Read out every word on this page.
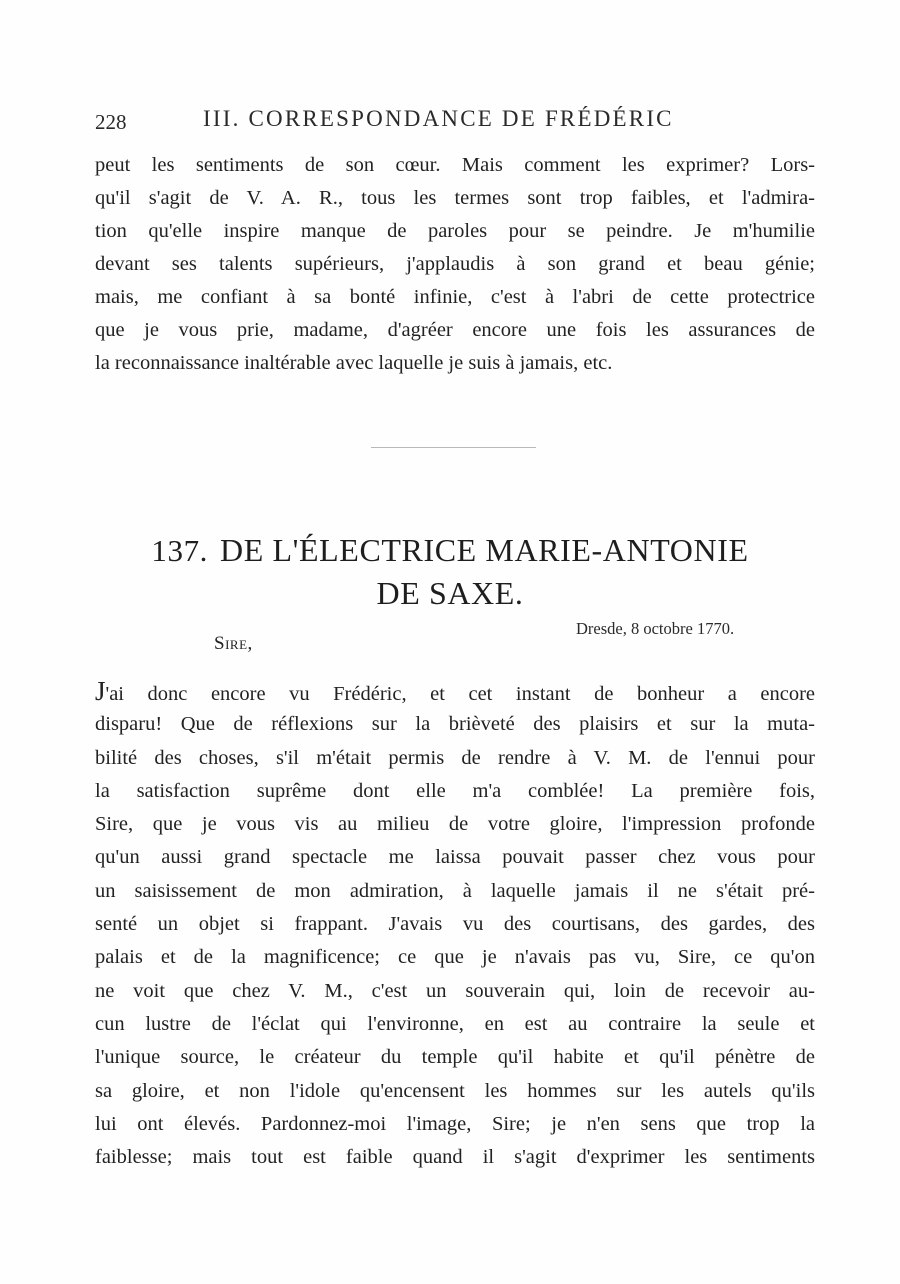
228	III. CORRESPONDANCE DE FRÉDÉRIC
peut les sentiments de son cœur. Mais comment les exprimer? Lors-
qu'il s'agit de V. A. R., tous les termes sont trop faibles, et l'admira-
tion qu'elle inspire manque de paroles pour se peindre. Je m'humilie
devant ses talents supérieurs, j'applaudis à son grand et beau génie;
mais, me confiant à sa bonté infinie, c'est à l'abri de cette protectrice
que je vous prie, madame, d'agréer encore une fois les assurances de
la reconnaissance inaltérable avec laquelle je suis à jamais, etc.
137. DE L'ÉLECTRICE MARIE-ANTONIE
DE SAXE.
Dresde, 8 octobre 1770.
Sire,
J'ai donc encore vu Frédéric, et cet instant de bonheur a encore
disparu! Que de réflexions sur la brièveté des plaisirs et sur la muta-
bilité des choses, s'il m'était permis de rendre à V. M. de l'ennui pour
la satisfaction suprême dont elle m'a comblée! La première fois,
Sire, que je vous vis au milieu de votre gloire, l'impression profonde
qu'un aussi grand spectacle me laissa pouvait passer chez vous pour
un saisissement de mon admiration, à laquelle jamais il ne s'était pré-
senté un objet si frappant. J'avais vu des courtisans, des gardes, des
palais et de la magnificence; ce que je n'avais pas vu, Sire, ce qu'on
ne voit que chez V. M., c'est un souverain qui, loin de recevoir au-
cun lustre de l'éclat qui l'environne, en est au contraire la seule et
l'unique source, le créateur du temple qu'il habite et qu'il pénètre de
sa gloire, et non l'idole qu'encensent les hommes sur les autels qu'ils
lui ont élevés. Pardonnez-moi l'image, Sire; je n'en sens que trop la
faiblesse; mais tout est faible quand il s'agit d'exprimer les sentiments
